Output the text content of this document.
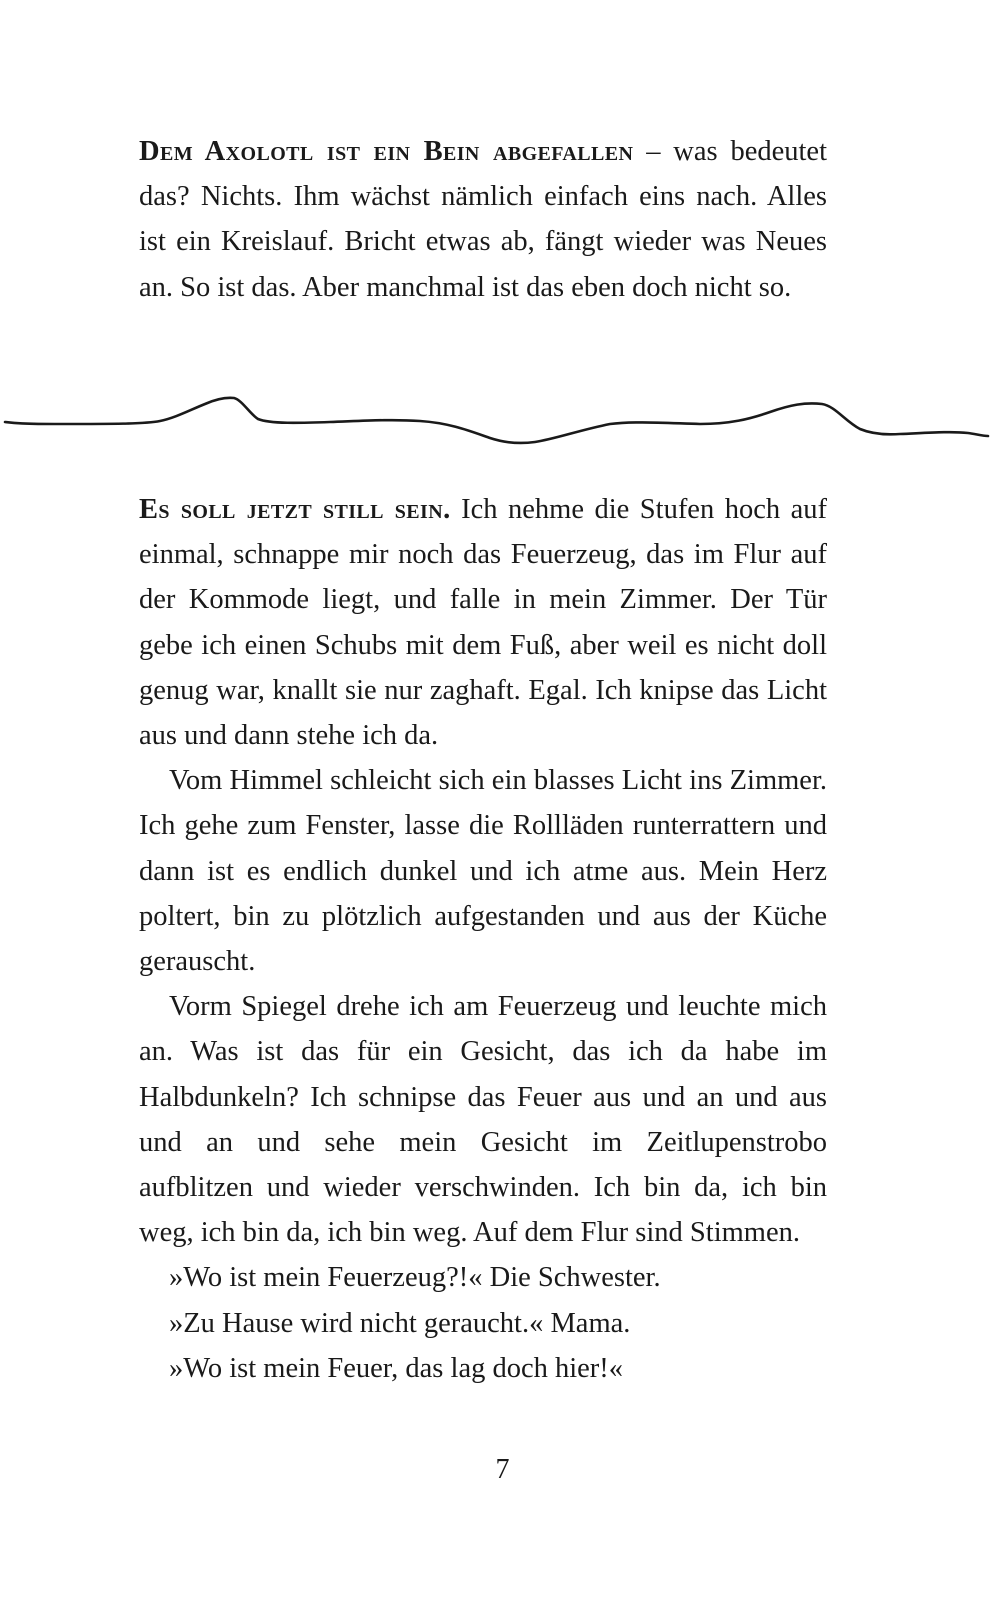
Dem Axolotl ist ein Bein abgefallen – was bedeutet das? Nichts. Ihm wächst nämlich einfach eins nach. Alles ist ein Kreislauf. Bricht etwas ab, fängt wieder was Neues an. So ist das. Aber manchmal ist das eben doch nicht so.

Es soll jetzt still sein. Ich nehme die Stufen hoch auf einmal, schnappe mir noch das Feuerzeug, das im Flur auf der Kommode liegt, und falle in mein Zimmer. Der Tür gebe ich einen Schubs mit dem Fuß, aber weil es nicht doll genug war, knallt sie nur zaghaft. Egal. Ich knipse das Licht aus und dann stehe ich da.

Vom Himmel schleicht sich ein blasses Licht ins Zimmer. Ich gehe zum Fenster, lasse die Rollläden runterrattern und dann ist es endlich dunkel und ich atme aus. Mein Herz poltert, bin zu plötzlich aufgestanden und aus der Küche gerauscht.

Vorm Spiegel drehe ich am Feuerzeug und leuchte mich an. Was ist das für ein Gesicht, das ich da habe im Halbdunkeln? Ich schnipse das Feuer aus und an und aus und an und sehe mein Gesicht im Zeitlupenstrobo aufblitzen und wieder verschwinden. Ich bin da, ich bin weg, ich bin da, ich bin weg. Auf dem Flur sind Stimmen.

»Wo ist mein Feuerzeug?!« Die Schwester.

»Zu Hause wird nicht geraucht.« Mama.

»Wo ist mein Feuer, das lag doch hier!«

7
